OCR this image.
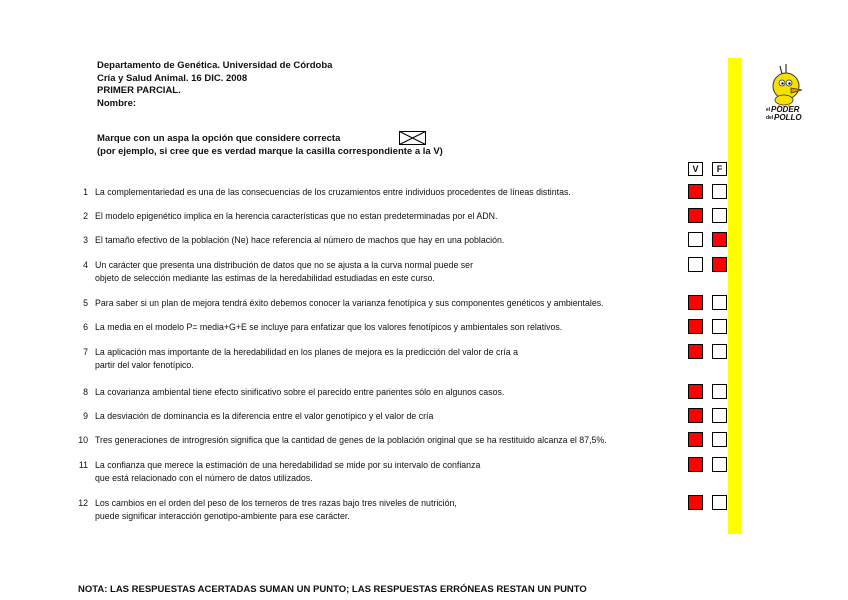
Departamento de Genética. Universidad de Córdoba
Cría y Salud Animal. 16 DIC. 2008
PRIMER PARCIAL.
Nombre:
Marque con un aspa la opción que considere correcta
(por ejemplo, si cree que es verdad marque la casilla correspondiente a la V)
V	F
1 La complementariedad es una de las consecuencias de los cruzamientos entre individuos procedentes de líneas distintas.
2 El modelo epigenético implica en la herencia características que no estan predeterminadas por el ADN.
3 El tamaño efectivo de la población (Ne) hace referencia al número de machos que hay en una población.
4 Un carácter que presenta una distribución de datos que no se ajusta a la curva normal puede ser
objeto de selección mediante las estimas de la heredabilidad estudiadas en este curso.
5 Para saber si un plan de mejora tendrá éxito debemos conocer la varianza fenotípica y sus componentes genéticos y ambientales.
6 La media en el modelo P= media+G+E se incluye para enfatizar que los valores fenotípicos y ambientales son relativos.
7 La aplicación mas importante de la heredabilidad en los planes de mejora es la predicción del valor de cría a
partir del valor fenotípico.
8 La covarianza ambiental tiene efecto sinificativo sobre el parecido entre parientes sólo en algunos casos.
9 La desviación de dominancia es la diferencia entre el valor genotípico y el valor de cría
10 Tres generaciones de introgresión significa que la cantidad de genes de la población original que se ha restituido alcanza el 87,5%.
11 La confianza que merece la estimación de una heredabilidad se mide por su intervalo de confianza
que está relacionado con el número de datos utilizados.
12 Los cambios en el orden del peso de los terneros de tres razas bajo tres niveles de nutrición,
puede significar interacción genotipo-ambiente para ese carácter.
NOTA: LAS RESPUESTAS ACERTADAS SUMAN UN PUNTO; LAS RESPUESTAS ERRÓNEAS RESTAN UN PUNTO
el PODER
del POLLO
